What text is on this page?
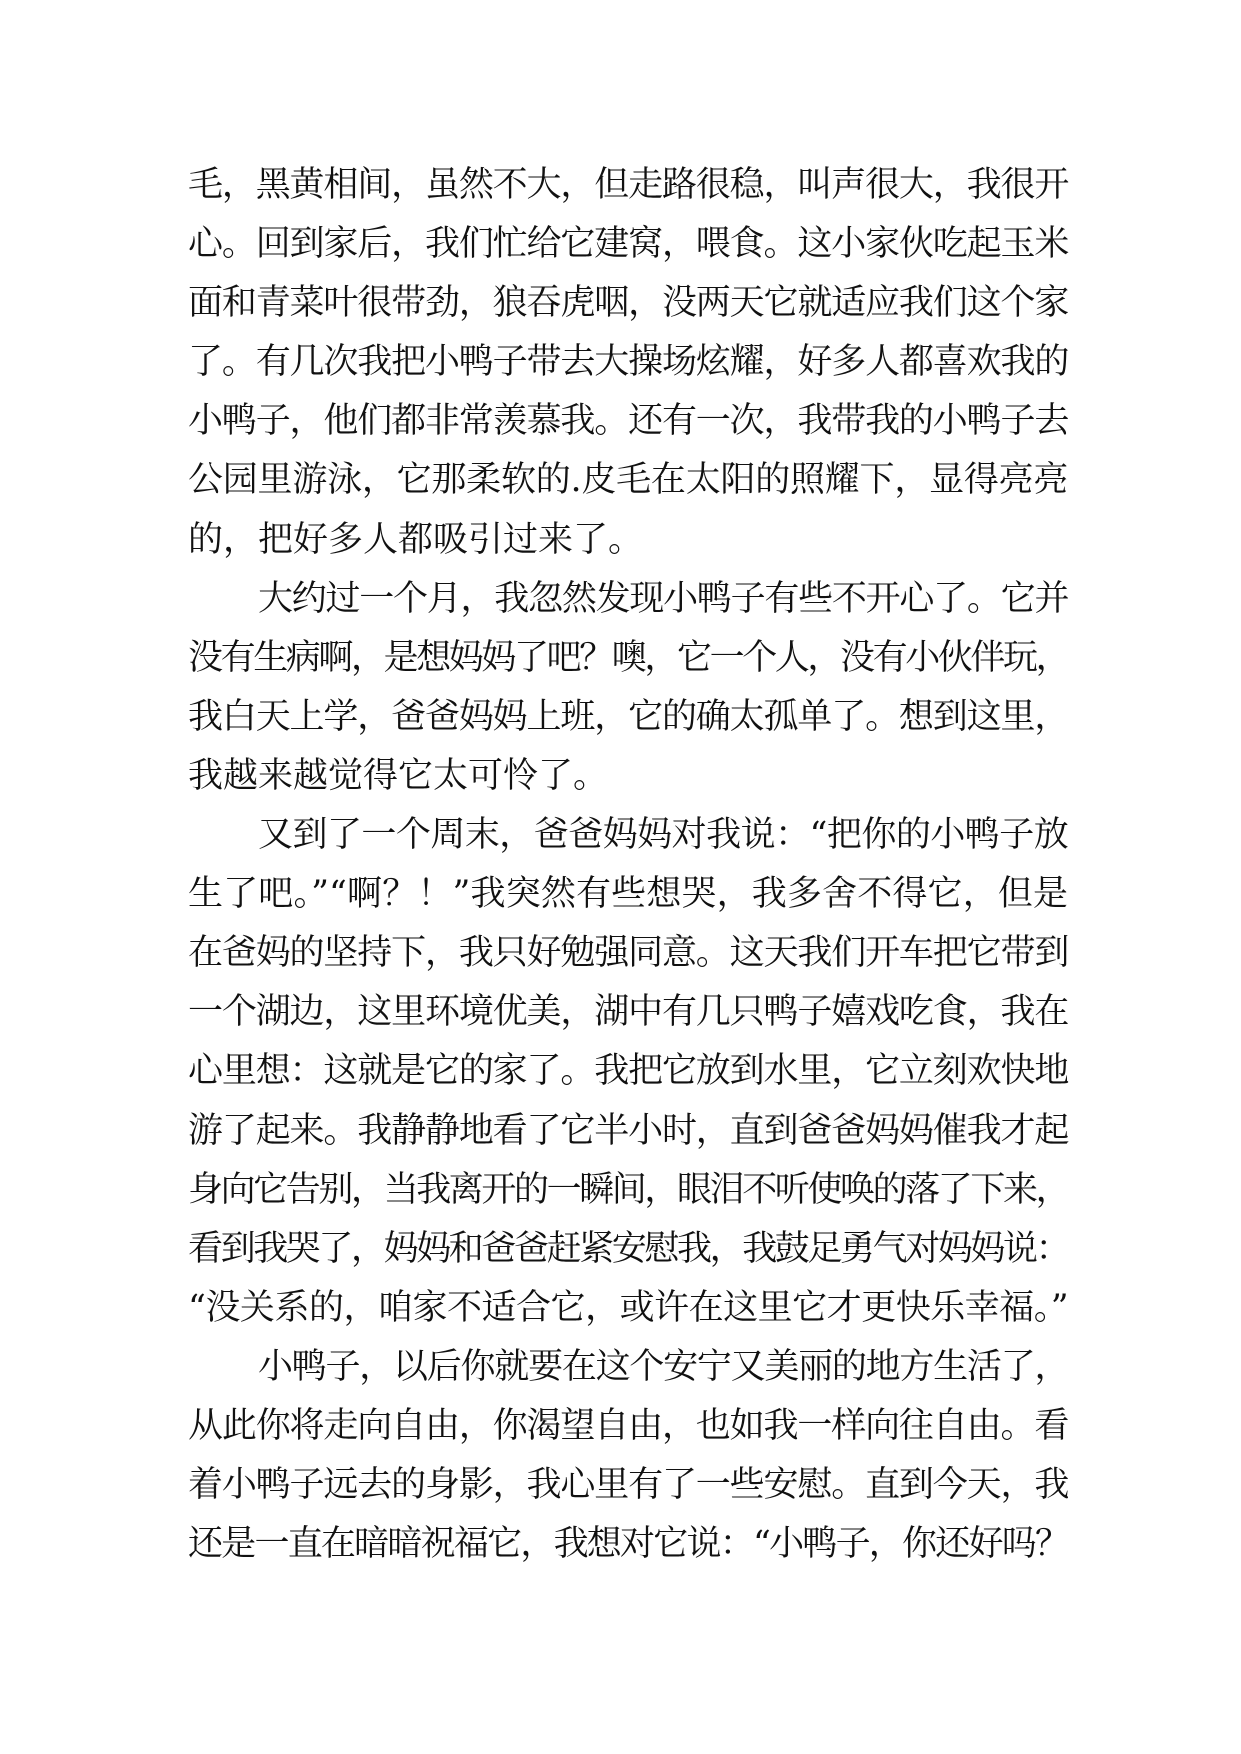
毛，黑黄相间，虽然不大，但走路很稳，叫声很大，我很开
心。回到家后，我们忙给它建窝，喂食。这小家伙吃起玉米
面和青菜叶很带劲，狼吞虎咽，没两天它就适应我们这个家
了。有几次我把小鸭子带去大操场炫耀，好多人都喜欢我的
小鸭子，他们都非常羡慕我。还有一次，我带我的小鸭子去
公园里游泳，它那柔软的.皮毛在太阳的照耀下，显得亮亮
的，把好多人都吸引过来了。
大约过一个月，我忽然发现小鸭子有些不开心了。它并
没有生病啊，是想妈妈了吧？噢，它一个人，没有小伙伴玩，
我白天上学，爸爸妈妈上班，它的确太孤单了。想到这里，
我越来越觉得它太可怜了。
又到了一个周末，爸爸妈妈对我说：“把你的小鸭子放
生了吧。”“啊？！”我突然有些想哭，我多舍不得它，但是
在爸妈的坚持下，我只好勉强同意。这天我们开车把它带到
一个湖边，这里环境优美，湖中有几只鸭子嬉戏吃食，我在
心里想：这就是它的家了。我把它放到水里，它立刻欢快地
游了起来。我静静地看了它半小时，直到爸爸妈妈催我才起
身向它告别，当我离开的一瞬间，眼泪不听使唤的落了下来，
看到我哭了，妈妈和爸爸赶紧安慰我，我鼓足勇气对妈妈说：
“没关系的，咱家不适合它，或许在这里它才更快乐幸福。”
小鸭子，以后你就要在这个安宁又美丽的地方生活了，
从此你将走向自由，你渴望自由，也如我一样向往自由。看
着小鸭子远去的身影，我心里有了一些安慰。直到今天，我
还是一直在暗暗祝福它，我想对它说：“小鸭子，你还好吗？
